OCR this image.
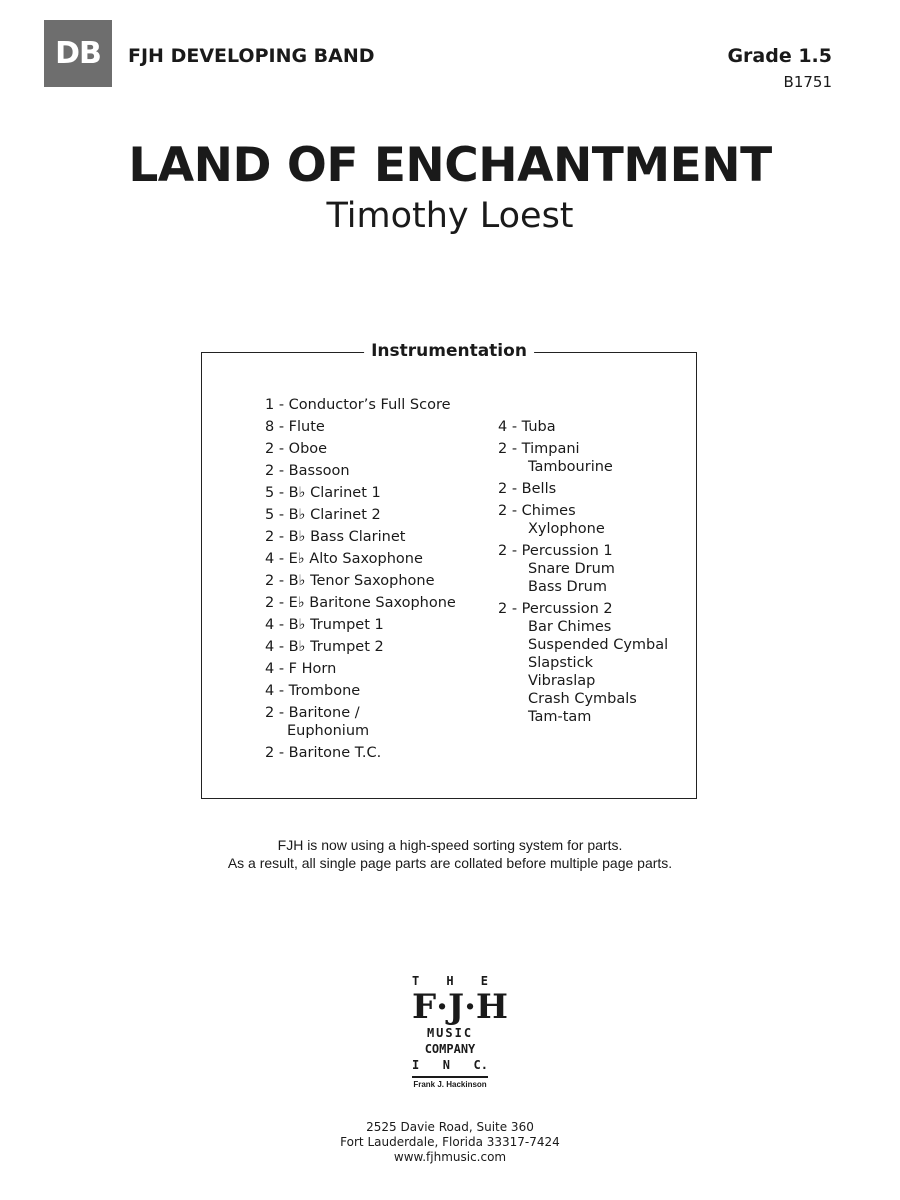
DB	FJH DEVELOPING BAND	Grade 1.5
B1751
LAND OF ENCHANTMENT
Timothy Loest
Instrumentation
1 - Conductor’s Full Score
8 - Flute
2 - Oboe
2 - Bassoon
5 - B♭ Clarinet 1
5 - B♭ Clarinet 2
2 - B♭ Bass Clarinet
4 - E♭ Alto Saxophone
2 - B♭ Tenor Saxophone
2 - E♭ Baritone Saxophone
4 - B♭ Trumpet 1
4 - B♭ Trumpet 2
4 - F Horn
4 - Trombone
2 - Baritone /
Euphonium
2 - Baritone T.C.
4 - Tuba
2 - Timpani
Tambourine
2 - Bells
2 - Chimes
Xylophone
2 - Percussion 1
Snare Drum
Bass Drum
2 - Percussion 2
Bar Chimes
Suspended Cymbal
Slapstick
Vibraslap
Crash Cymbals
Tam-tam
FJH is now using a high-speed sorting system for parts.
As a result, all single page parts are collated before multiple page parts.
T H E
F · J · H
MUSIC
COMPANY
I N C.
Frank J. Hackinson
2525 Davie Road, Suite 360
Fort Lauderdale, Florida 33317-7424
www.fjhmusic.com
